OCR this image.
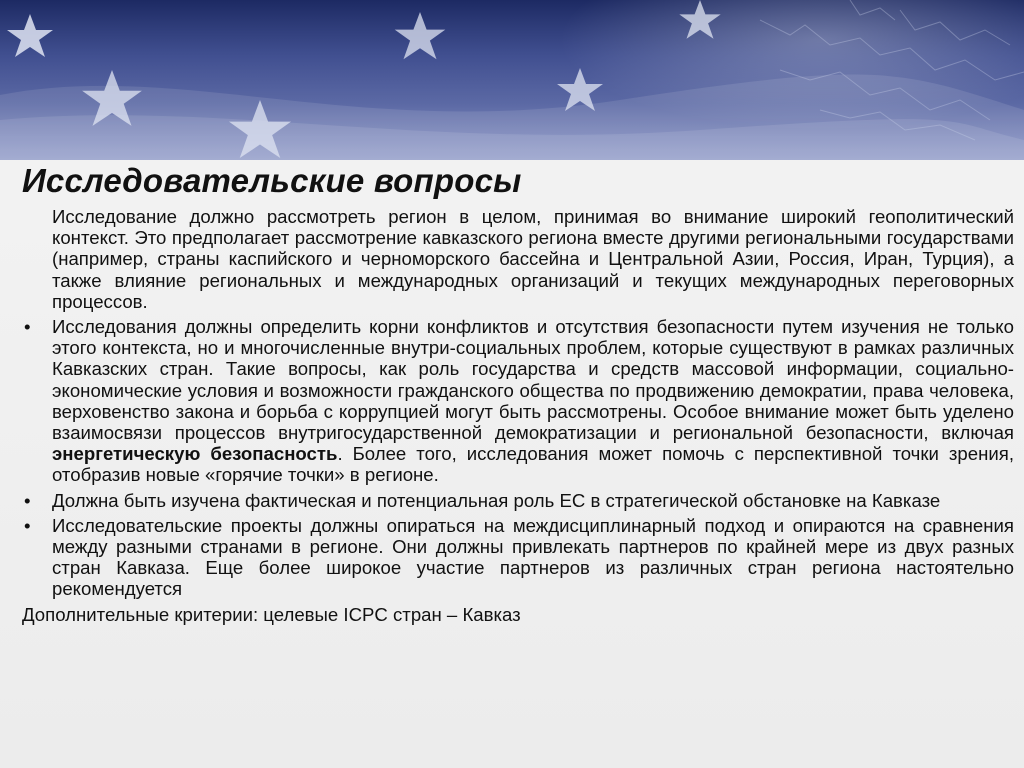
Исследовательские вопросы
Исследование должно рассмотреть регион в целом, принимая во внимание широкий геополитический контекст. Это предполагает рассмотрение кавказского региона вместе другими региональными государствами (например, страны каспийского и черноморского бассейна и Центральной Азии, Россия, Иран, Турция), а также влияние региональных и международных организаций и текущих международных переговорных процессов.
• Исследования должны определить корни конфликтов и отсутствия безопасности путем изучения не только этого контекста, но и многочисленные внутри-социальных проблем, которые существуют в рамках различных Кавказских стран. Такие вопросы, как роль государства и средств массовой информации, социально-экономические условия и возможности гражданского общества по продвижению демократии, права человека, верховенство закона и борьба с коррупцией могут быть рассмотрены. Особое внимание может быть уделено взаимосвязи процессов внутригосударственной демократизации и региональной безопасности, включая энергетическую безопасность. Более того, исследования может помочь с перспективной точки зрения, отобразив новые «горячие точки» в регионе.
• Должна быть изучена фактическая и потенциальная роль ЕС в стратегической обстановке на Кавказе
• Исследовательские проекты должны опираться на междисциплинарный подход и опираются на сравнения между разными странами в регионе. Они должны привлекать партнеров по крайней мере из двух разных стран Кавказа. Еще более широкое участие партнеров из различных стран региона настоятельно рекомендуется
Дополнительные критерии: целевые ICPC стран – Кавказ
